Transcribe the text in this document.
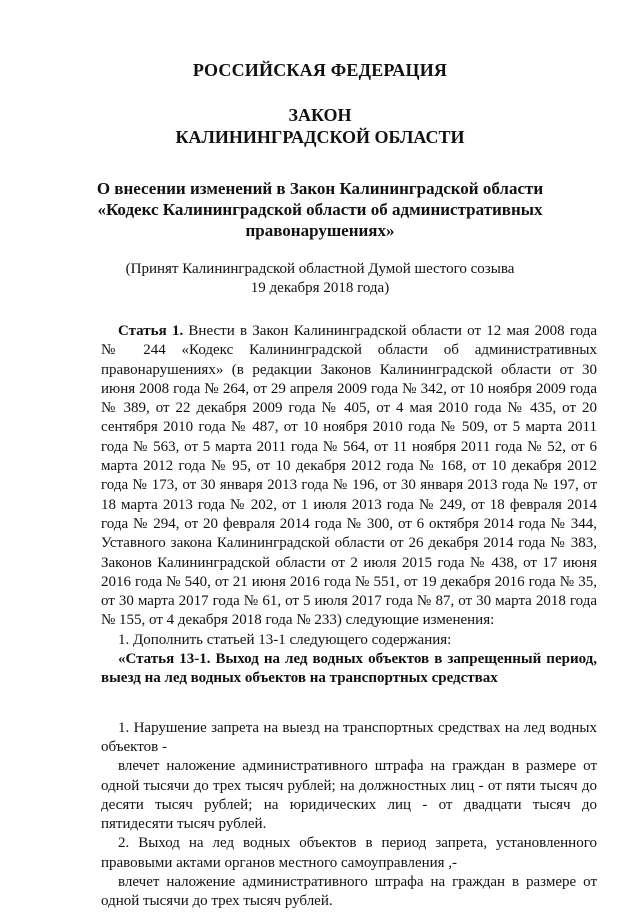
РОССИЙСКАЯ ФЕДЕРАЦИЯ
ЗАКОН
КАЛИНИНГРАДСКОЙ ОБЛАСТИ
О внесении изменений в Закон Калининградской области
«Кодекс Калининградской области об административных
правонарушениях»
(Принят Калининградской областной Думой шестого созыва
19 декабря 2018 года)

Статья 1. Внести в Закон Калининградской области от 12 мая 2008 года № 244 «Кодекс Калининградской области об административных правонарушениях» (в редакции Законов Калининградской области от 30 июня 2008 года № 264, от 29 апреля 2009 года № 342, от 10 ноября 2009 года № 389, от 22 декабря 2009 года № 405, от 4 мая 2010 года № 435, от 20 сентября 2010 года № 487, от 10 ноября 2010 года № 509, от 5 марта 2011 года № 563, от 5 марта 2011 года № 564, от 11 ноября 2011 года № 52, от 6 марта 2012 года № 95, от 10 декабря 2012 года № 168, от 10 декабря 2012 года № 173, от 30 января 2013 года № 196, от 30 января 2013 года № 197, от 18 марта 2013 года № 202, от 1 июля 2013 года № 249, от 18 февраля 2014 года № 294, от 20 февраля 2014 года № 300, от 6 октября 2014 года № 344, Уставного закона Калининградской области от 26 декабря 2014 года № 383, Законов Калининградской области от 2 июля 2015 года № 438, от 17 июня 2016 года № 540, от 21 июня 2016 года № 551, от 19 декабря 2016 года № 35, от 30 марта 2017 года № 61, от 5 июля 2017 года № 87, от 30 марта 2018 года № 155, от 4 декабря 2018 года № 233) следующие изменения:

1. Дополнить статьей 13-1 следующего содержания:

«Статья 13-1. Выход на лед водных объектов в запрещенный период, выезд на лед водных объектов на транспортных средствах

1. Нарушение запрета на выезд на транспортных средствах на лед водных объектов -

влечет наложение административного штрафа на граждан в размере от одной тысячи до трех тысяч рублей; на должностных лиц - от пяти тысяч до десяти тысяч рублей; на юридических лиц - от двадцати тысяч до пятидесяти тысяч рублей.

2. Выход на лед водных объектов в период запрета, установленного правовыми актами органов местного самоуправления ,-

влечет наложение административного штрафа на граждан в размере от одной тысячи до трех тысяч рублей.
